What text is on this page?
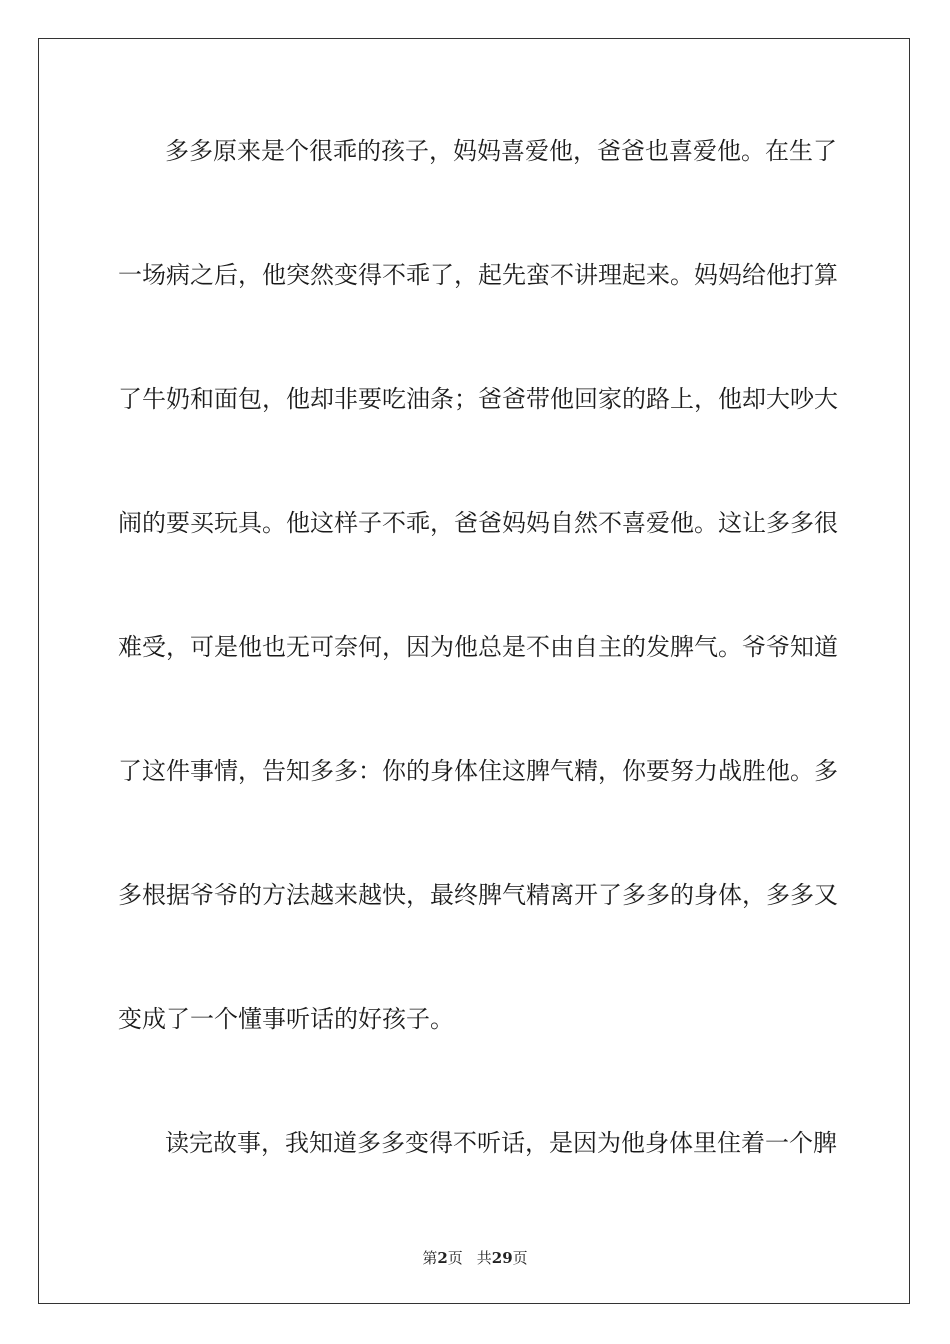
多多原来是个很乖的孩子，妈妈喜爱他，爸爸也喜爱他。在生了
一场病之后，他突然变得不乖了，起先蛮不讲理起来。妈妈给他打算
了牛奶和面包，他却非要吃油条；爸爸带他回家的路上，他却大吵大
闹的要买玩具。他这样子不乖，爸爸妈妈自然不喜爱他。这让多多很
难受，可是他也无可奈何，因为他总是不由自主的发脾气。爷爷知道
了这件事情，告知多多：你的身体住这脾气精，你要努力战胜他。多
多根据爷爷的方法越来越快，最终脾气精离开了多多的身体，多多又
变成了一个懂事听话的好孩子。
读完故事，我知道多多变得不听话，是因为他身体里住着一个脾
第2页 共29页
